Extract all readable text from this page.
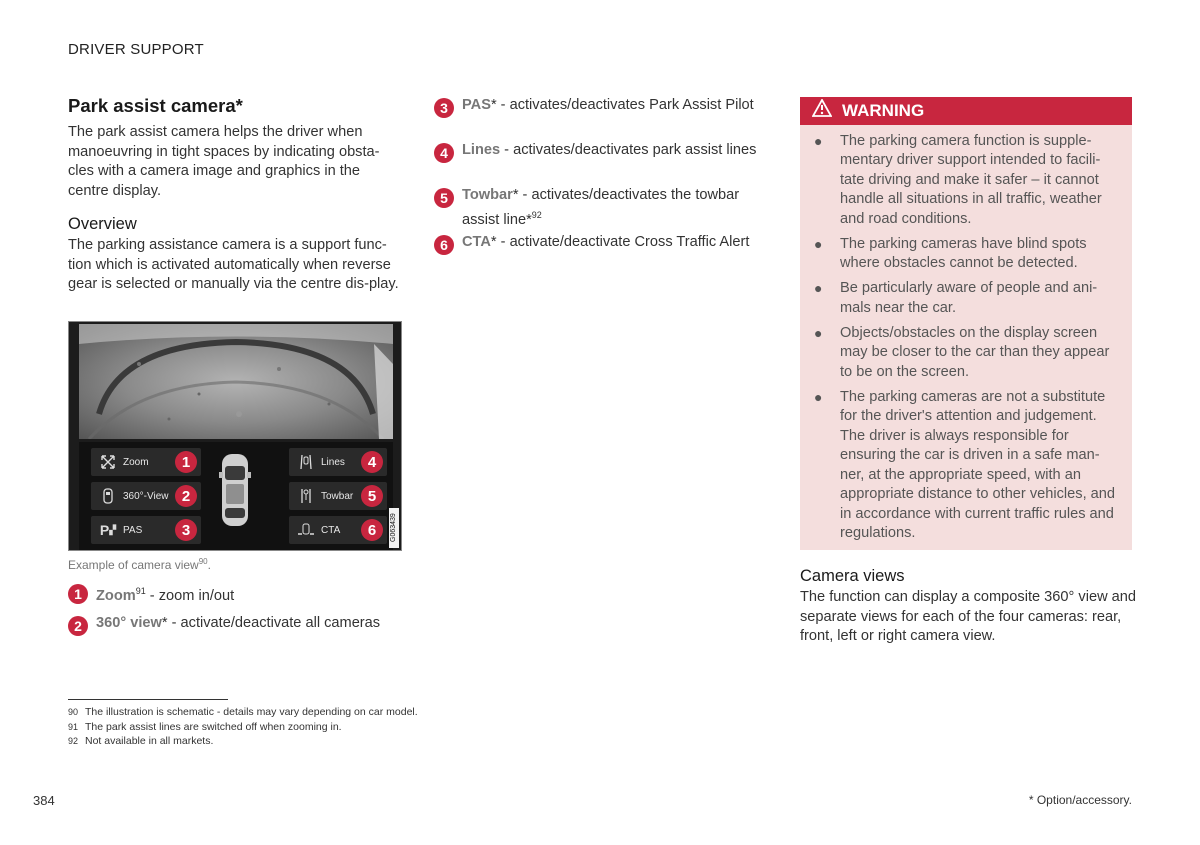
DRIVER SUPPORT
Park assist camera*
The park assist camera helps the driver when manoeuvring in tight spaces by indicating obsta-cles with a camera image and graphics in the centre display.
Overview
The parking assistance camera is a support func-tion which is activated automatically when reverse gear is selected or manually via the centre dis-play.
Zoom	1
360°-View 2
P ▞ PAS	3
Lines	4
Towbar 5
CTA	6	G063439
Example of camera view$^{90}$.
1 Zoom$^{91}$ - zoom in/out
2 360° view* - activate/deactivate all cameras
3 PAS* - activates/deactivates Park Assist Pilot
4 Lines - activates/deactivates park assist lines
5 Towbar* - activates/deactivates the towbar assist line*$^{92}$
6 CTA* - activate/deactivate Cross Traffic Alert
WARNING
●	The parking camera function is supple-mentary driver support intended to facili-tate driving and make it safer – it cannot handle all situations in all traffic, weather and road conditions.
●	The parking cameras have blind spots where obstacles cannot be detected.
●	Be particularly aware of people and ani-mals near the car.
●	Objects/obstacles on the display screen may be closer to the car than they appear to be on the screen.
●	The parking cameras are not a substitute for the driver's attention and judgement. The driver is always responsible for ensuring the car is driven in a safe man-ner, at the appropriate speed, with an appropriate distance to other vehicles, and in accordance with current traffic rules and regulations.
Camera views
The function can display a composite 360° view and separate views for each of the four cameras: rear, front, left or right camera view.
90 The illustration is schematic - details may vary depending on car model.
91 The park assist lines are switched off when zooming in.
92 Not available in all markets.
384	* Option/accessory.
